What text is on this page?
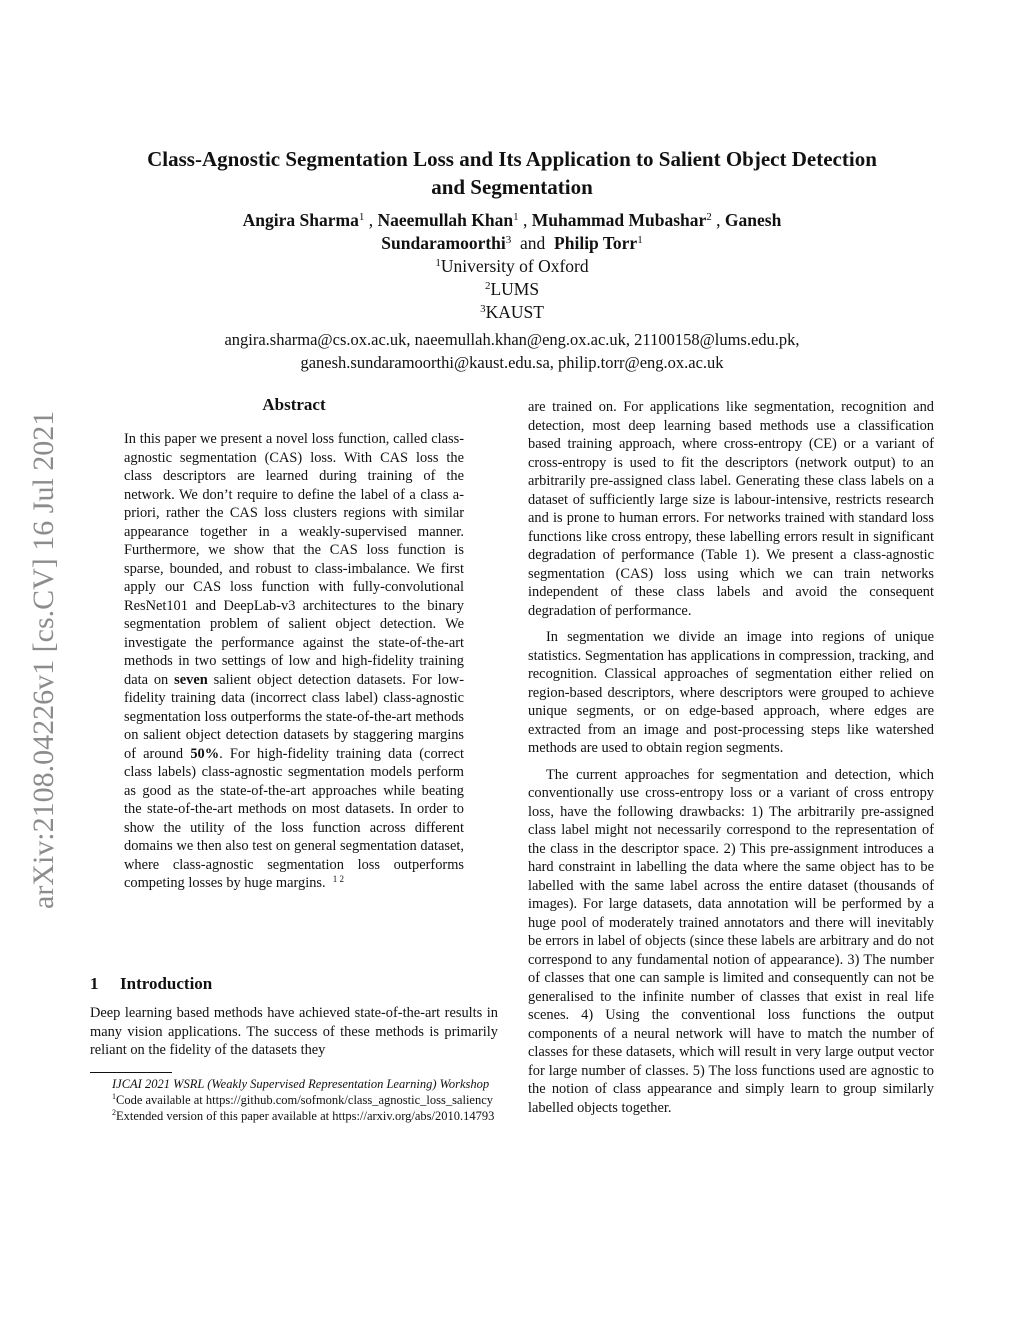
arXiv:2108.04226v1 [cs.CV] 16 Jul 2021
Class-Agnostic Segmentation Loss and Its Application to Salient Object Detection
and Segmentation
Angira Sharma$^1$ , Naeemullah Khan$^1$ , Muhammad Mubashar$^2$ , Ganesh
Sundaramoorthi$^3$ and Philip Torr$^1$
$^1$University of Oxford
$^2$LUMS
$^3$KAUST
angira.sharma@cs.ox.ac.uk, naeemullah.khan@eng.ox.ac.uk, 21100158@lums.edu.pk,
ganesh.sundaramoorthi@kaust.edu.sa, philip.torr@eng.ox.ac.uk
Abstract

In this paper we present a novel loss function, called class-agnostic segmentation (CAS) loss. With CAS loss the class descriptors are learned during training of the network. We don’t require to define the label of a class a-priori, rather the CAS loss clusters regions with similar appearance together in a weakly-supervised manner. Furthermore, we show that the CAS loss function is sparse, bounded, and robust to class-imbalance. We first apply our CAS loss function with fully-convolutional ResNet101 and DeepLab-v3 architectures to the binary segmentation problem of salient object detection. We investigate the performance against the state-of-the-art methods in two settings of low and high-fidelity training data on seven salient object detection datasets. For low-fidelity training data (incorrect class label) class-agnostic segmentation loss outperforms the state-of-the-art methods on salient object detection datasets by staggering margins of around 50%. For high-fidelity training data (correct class labels) class-agnostic segmentation models perform as good as the state-of-the-art approaches while beating the state-of-the-art methods on most datasets. In order to show the utility of the loss function across different domains we then also test on general segmentation dataset, where class-agnostic segmentation loss outperforms competing losses by huge margins. $^{1 2}$

1 Introduction

Deep learning based methods have achieved state-of-the-art results in many vision applications. The success of these methods is primarily reliant on the fidelity of the datasets they

IJCAI 2021 WSRL (Weakly Supervised Representation Learning) Workshop
$^1$Code available at https://github.com/sofmonk/class_agnostic_loss_saliency
$^2$Extended version of this paper available at https://arxiv.org/abs/2010.14793

are trained on. For applications like segmentation, recognition and detection, most deep learning based methods use a classification based training approach, where cross-entropy (CE) or a variant of cross-entropy is used to fit the descriptors (network output) to an arbitrarily pre-assigned class label. Generating these class labels on a dataset of sufficiently large size is labour-intensive, restricts research and is prone to human errors. For networks trained with standard loss functions like cross entropy, these labelling errors result in significant degradation of performance (Table 1). We present a class-agnostic segmentation (CAS) loss using which we can train networks independent of these class labels and avoid the consequent degradation of performance.

In segmentation we divide an image into regions of unique statistics. Segmentation has applications in compression, tracking, and recognition. Classical approaches of segmentation either relied on region-based descriptors, where descriptors were grouped to achieve unique segments, or on edge-based approach, where edges are extracted from an image and post-processing steps like watershed methods are used to obtain region segments.

The current approaches for segmentation and detection, which conventionally use cross-entropy loss or a variant of cross entropy loss, have the following drawbacks: 1) The arbitrarily pre-assigned class label might not necessarily correspond to the representation of the class in the descriptor space. 2) This pre-assignment introduces a hard constraint in labelling the data where the same object has to be labelled with the same label across the entire dataset (thousands of images). For large datasets, data annotation will be performed by a huge pool of moderately trained annotators and there will inevitably be errors in label of objects (since these labels are arbitrary and do not correspond to any fundamental notion of appearance). 3) The number of classes that one can sample is limited and consequently can not be generalised to the infinite number of classes that exist in real life scenes. 4) Using the conventional loss functions the output components of a neural network will have to match the number of classes for these datasets, which will result in very large output vector for large number of classes. 5) The loss functions used are agnostic to the notion of class appearance and simply learn to group similarly labelled objects together.
